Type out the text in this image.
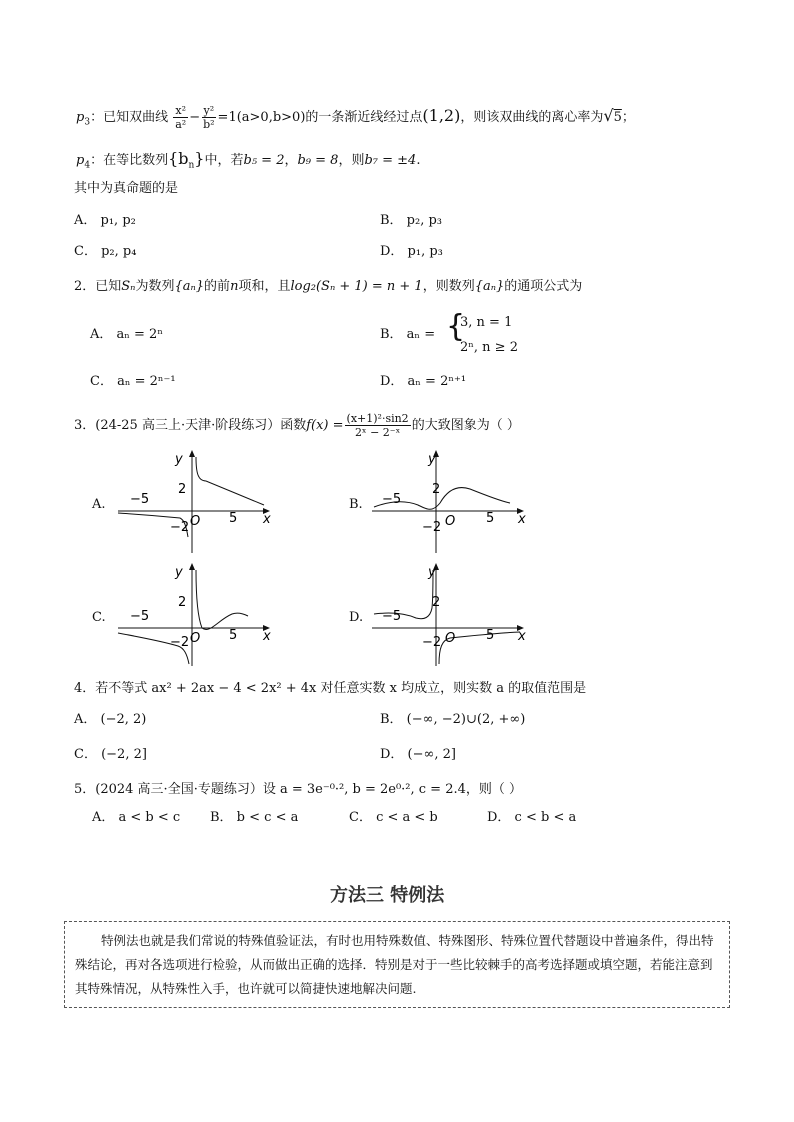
$p_3$：已知双曲线 $\frac{\text{x²}}{\text{a²}} - \frac{\text{y²}}{\text{b²}} =1(a>0,b>0)$的一条渐近线经过点(1,2)，则该双曲线的离心率为√5；
$p_4$：在等比数列$\{b_n\}$中，若b₅ = 2，b₉ = 8，则b₇ = ±4.
其中为真命题的是
A． p₁, p₂	B． p₂, p₃
C． p₂, p₄	D． p₁, p₃
2．已知Sₙ为数列{aₙ}的前n项和，且log₂(Sₙ + 1) = n + 1，则数列{aₙ}的通项公式为
A． aₙ = 2ⁿ	B． aₙ = {
3, n = 1
2ⁿ, n ≥ 2
C． aₙ = 2ⁿ⁻¹	D． aₙ = 2ⁿ⁺¹
3．(24-25 高三上·天津·阶段练习）函数$f(x) = \frac{\text{(x+1)²·sin2}}{\text{2ˣ − 2⁻ˣ}}$ 的大致图象为（ ）
A.	B.
C.	D.
y
x
O
2
−2
5
−5
y
x
O
2
−2
5
−5
y
x
O
2
−2	5
−5
y
x
O
2
−2	5
−5
4．若不等式 ax² + 2ax − 4 < 2x² + 4x 对任意实数 x 均成立，则实数 a 的取值范围是
A． (−2, 2)	B． (−∞, −2)∪(2, +∞)
C． (−2, 2]	D． (−∞, 2]
5．(2024 高三·全国·专题练习）设 a = 3e⁻⁰·², b = 2e⁰·², c = 2.4，则（ ）
A． a < b < c B． b < c < a	C． c < a < b	D． c < b < a
方法三 特例法
特例法也就是我们常说的特殊值验证法，有时也用特殊数值、特殊图形、特殊位置代替题设中普遍条件，得出特殊结论，再对各选项进行检验，从而做出正确的选择．特别是对于一些比较棘手的高考选择题或填空题，若能注意到其特殊情况，从特殊性入手，也许就可以简捷快速地解决问题.
